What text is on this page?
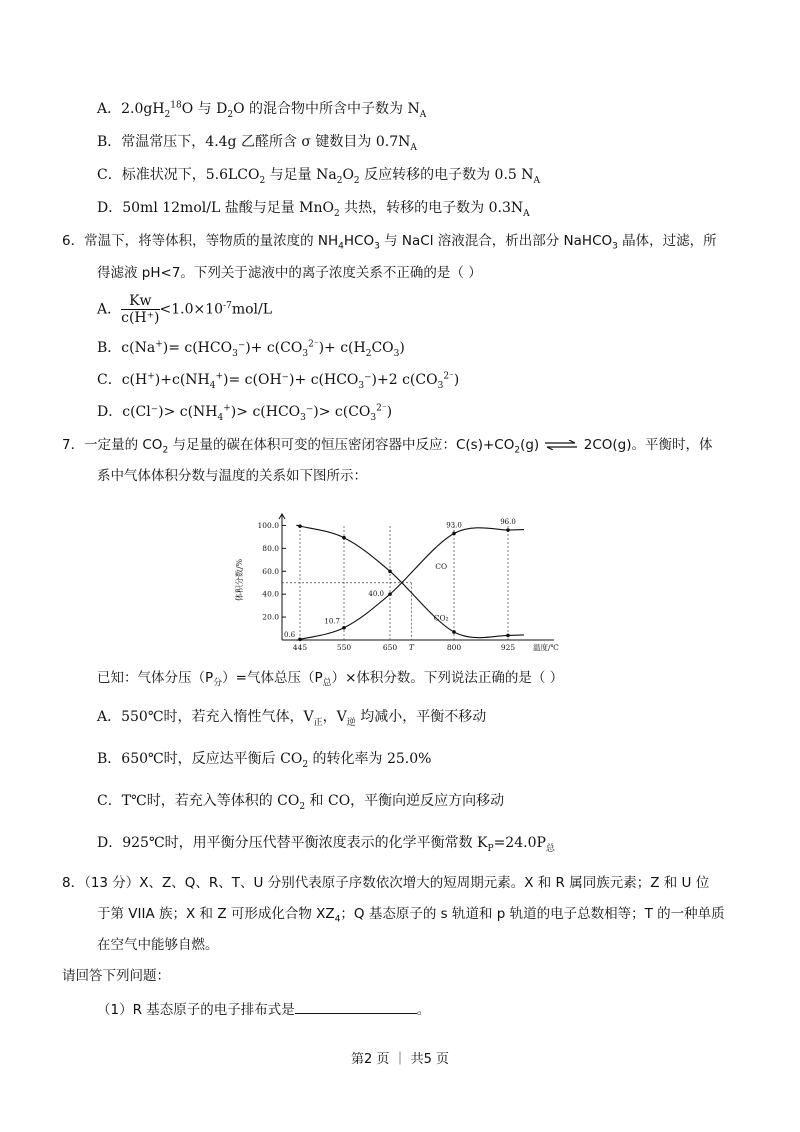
A．$2.0gH_2^{18}O$ 与 $D_2O$ 的混合物中所含中子数为 $N_A$
B．常温常压下，4.4g 乙醛所含 σ 键数目为 $0.7N_A$
C．标准状况下，$5.6LCO_2$ 与足量 $Na_2O_2$ 反应转移的电子数为 0.5 $N_A$
D．50ml 12mol/L 盐酸与足量 MnO$_2$ 共热，转移的电子数为 $0.3N_A$
6．常温下，将等体积，等物质的量浓度的 $NH_4HCO_3$ 与 NaCl 溶液混合，析出部分 NaHCO$_3$ 晶体，过滤，所
得滤液 pH<7。下列关于滤液中的离子浓度关系不正确的是（ ）
A． $\frac{Kw}{c(H^+)} <1.0\times 10^{-7}mol/L$
B．$c(Na^+)= c(HCO_3^-)+ c(CO_3^{2^-})+ c(H_2CO_3)$
C．$c(H^+)+c(NH_4^+)= c(OH^-)+ c(HCO_3^-)+2$ $c(CO_3^{2^-})$
D．$c(Cl^-)> c(NH_4^+)> c(HCO_3^-)> c(CO_3^{2^-})$
7．一定量的 $CO_2$ 与足量的碳在体积可变的恒压密闭容器中反应：$C(s)+CO_2(g)$ ⇌ 2CO(g)。平衡时，体
系中气体体积分数与温度的关系如下图所示：
20.0
40.0
60.0
80.0
100.0
体积分数/%
445	550	650 T	800	925 温度/℃
CO
CO₂
0.6
10.7
40.0
93.0	96.0
已知：气体分压$(P_分)=$气体总压$(P_总)\times$体积分数。下列说法正确的是（ ）
A．550℃时，若充入惰性气体，$V_正$，$V_逆$ 均减小，平衡不移动
B．650℃时，反应达平衡后 $CO_2$ 的转化率为 25.0%
C．T℃时，若充入等体积的 $CO_2$ 和 CO，平衡向逆反应方向移动
D．925℃时，用平衡分压代替平衡浓度表示的化学平衡常数 $K_P=24.0P_总$
8．（13 分）X、Z、Q、R、T、U 分别代表原子序数依次增大的短周期元素。X 和 R 属同族元素；Z 和 U 位
于第 VIIA 族；X 和 Z 可形成化合物 $XZ_4$；Q 基态原子的 s 轨道和 p 轨道的电子总数相等；T 的一种单质
在空气中能够自燃。
请回答下列问题：
（1）R 基态原子的电子排布式是	。
第2 页 ｜ 共5 页
